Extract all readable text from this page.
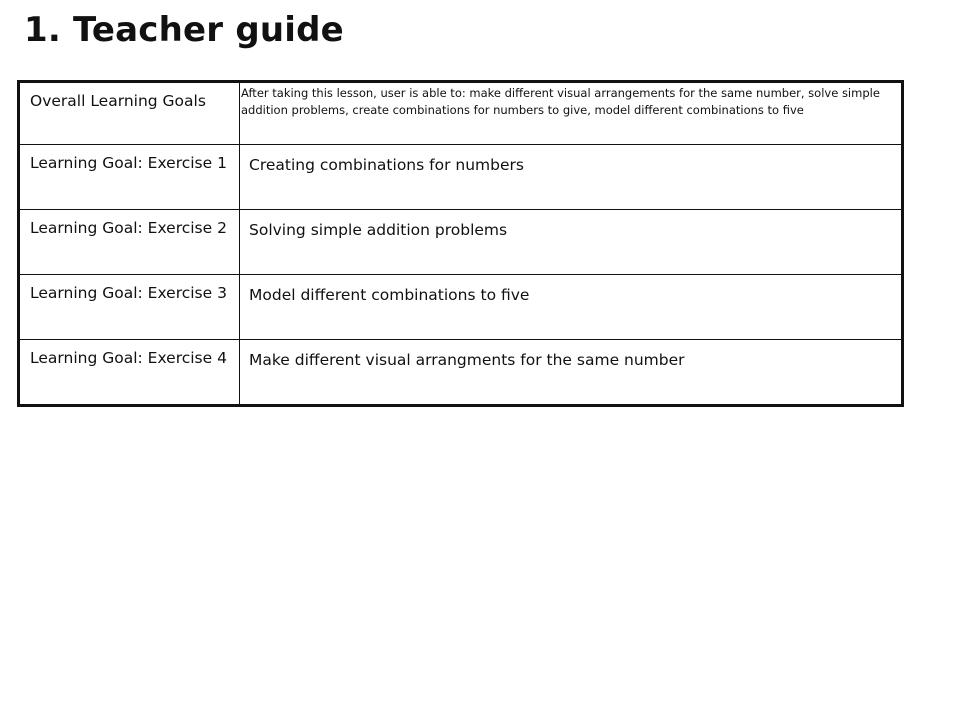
1. Teacher guide
Overall Learning Goals	After taking this lesson, user is able to: make different visual arrangements for the same number, solve simple addition problems, create combinations for numbers to give, model different combinations to five
Learning Goal: Exercise 1	Creating combinations for numbers
Learning Goal: Exercise 2	Solving simple addition problems
Learning Goal: Exercise 3	Model different combinations to five
Learning Goal: Exercise 4	Make different visual arrangments for the same number
